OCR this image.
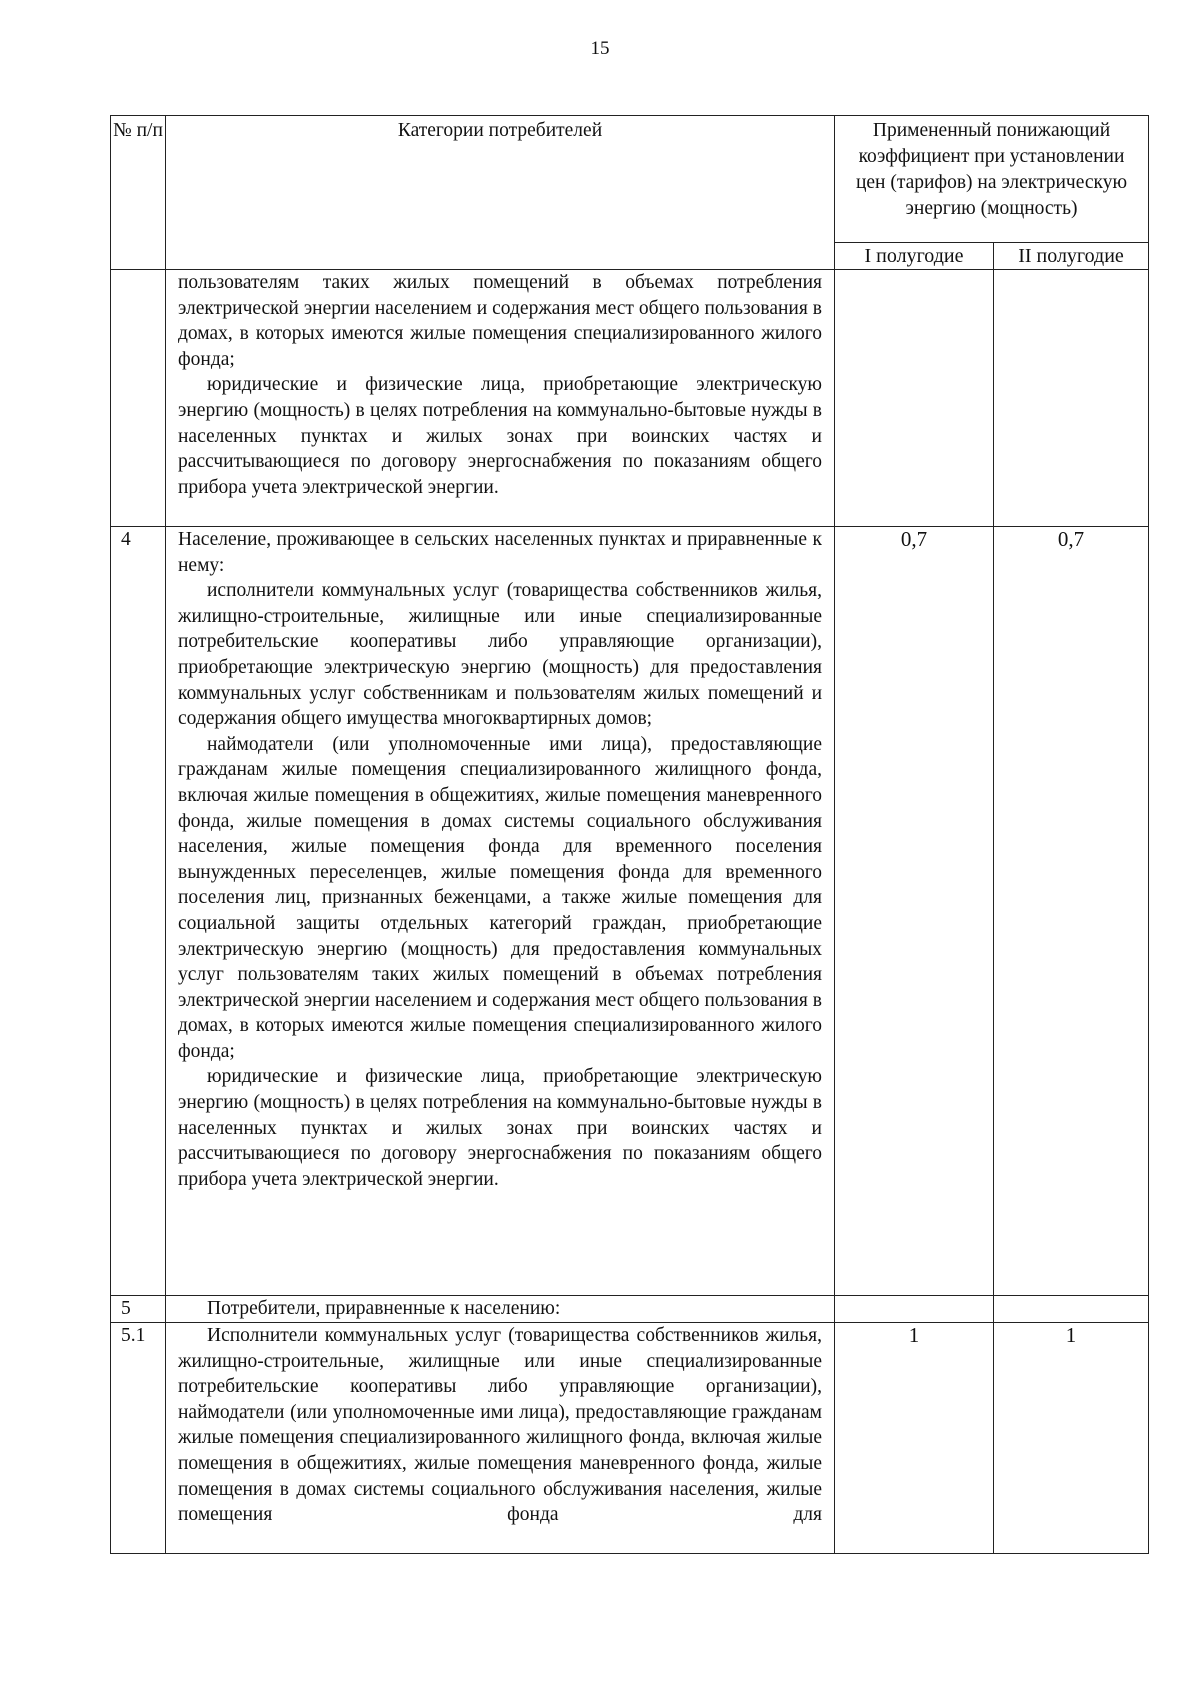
15
№ п/п	Категории потребителей	Примененный понижающий коэффициент при установлении цен (тарифов) на электрическую энергию (мощность)	
		I полугодие	II полугодие

	пользователям таких жилых помещений в объемах потребления электрической энергии населением и содержания мест общего пользования в домах, в которых имеются жилые помещения специализированного жилого фонда;

юридические и физические лица, приобретающие электрическую энергию (мощность) в целях потребления на коммунально-бытовые нужды в населенных пунктах и жилых зонах при воинских частях и рассчитывающиеся по договору энергоснабжения по показаниям общего прибора учета электрической энергии.		

4	Население, проживающее в сельских населенных пунктах и приравненные к нему:

исполнители коммунальных услуг (товарищества собственников жилья, жилищно-строительные, жилищные или иные специализированные потребительские кооперативы либо управляющие организации), приобретающие электрическую энергию (мощность) для предоставления коммунальных услуг собственникам и пользователям жилых помещений и содержания общего имущества многоквартирных домов;

наймодатели (или уполномоченные ими лица), предоставляющие гражданам жилые помещения специализированного жилищного фонда, включая жилые помещения в общежитиях, жилые помещения маневренного фонда, жилые помещения в домах системы социального обслуживания населения, жилые помещения фонда для временного поселения вынужденных переселенцев, жилые помещения фонда для временного поселения лиц, признанных беженцами, а также жилые помещения для социальной защиты отдельных категорий граждан, приобретающие электрическую энергию (мощность) для предоставления коммунальных услуг пользователям таких жилых помещений в объемах потребления электрической энергии населением и содержания мест общего пользования в домах, в которых имеются жилые помещения специализированного жилого фонда;

юридические и физические лица, приобретающие электрическую энергию (мощность) в целях потребления на коммунально-бытовые нужды в населенных пунктах и жилых зонах при воинских частях и рассчитывающиеся по договору энергоснабжения по показаниям общего прибора учета электрической энергии.	0,7	0,7
5	Потребители, приравненные к населению:		

5.1	Исполнители коммунальных услуг (товарищества собственников жилья, жилищно-строительные, жилищные или иные специализированные потребительские кооперативы либо управляющие организации), наймодатели (или уполномоченные ими лица), предоставляющие гражданам жилые помещения специализированного жилищного фонда, включая жилые помещения в общежитиях, жилые помещения маневренного фонда, жилые помещения в домах системы социального обслуживания населения, жилые помещения фонда для	1	1
